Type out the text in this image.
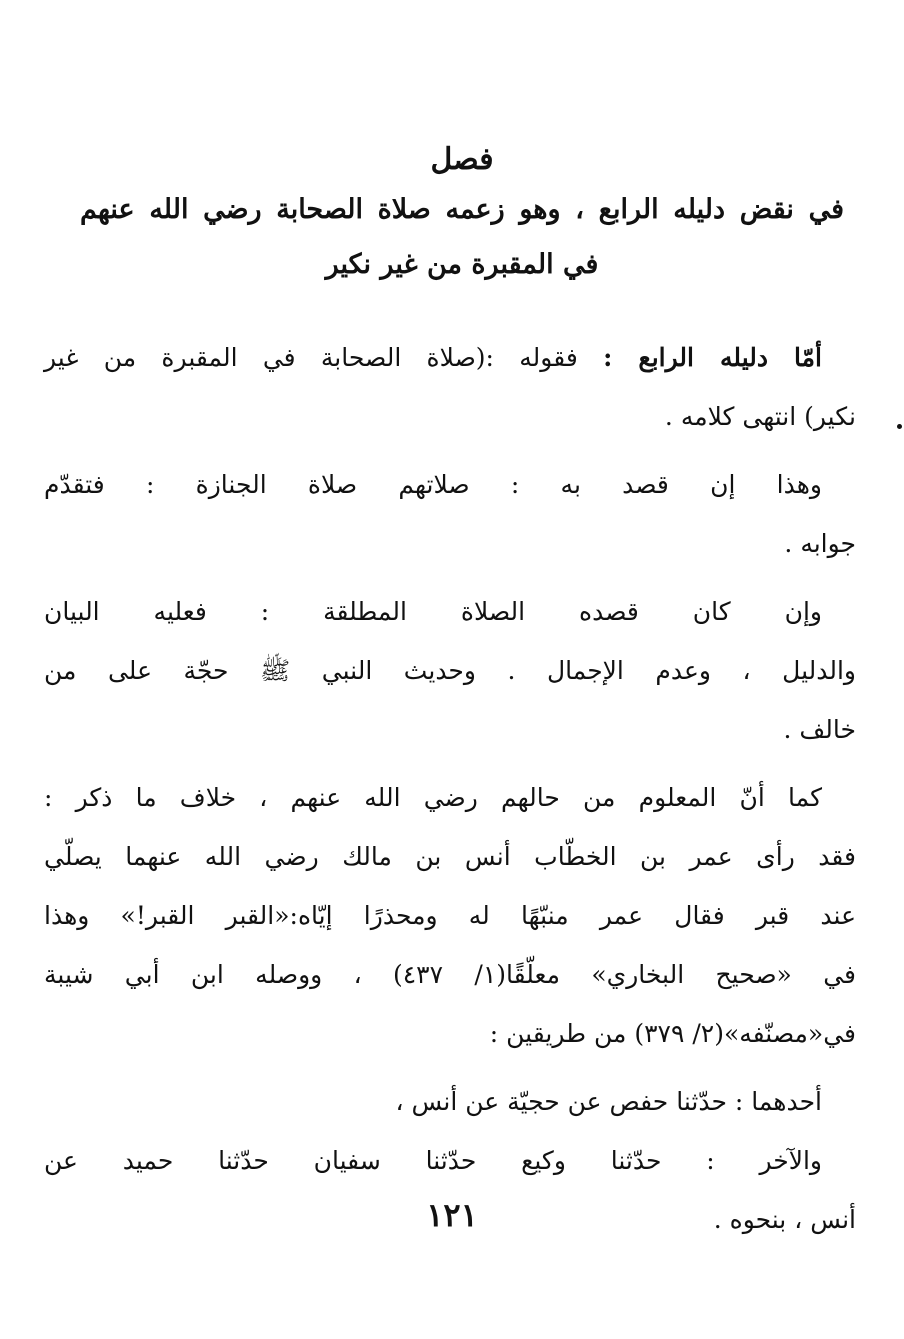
فصل

في نقض دليله الرابع ، وهو زعمه صلاة الصحابة رضي الله عنهم

في المقبرة من غير نكير

أمّا دليله الرابع : فقوله :(صلاة الصحابة في المقبرة من غير
نكير) انتهى كلامه .

وهذا إن قصد به : صلاتهم صلاة الجنازة : فتقدّم
جوابه .

وإن كان قصده الصلاة المطلقة : فعليه البيان
والدليل ، وعدم الإجمال . وحديث النبي ﷺ حجّة على من
خالف .

كما أنّ المعلوم من حالهم رضي الله عنهم ، خلاف ما ذكر :
فقد رأى عمر بن الخطّاب أنس بن مالك رضي الله عنهما يصلّي
عند قبر فقال عمر منبّهًا له ومحذرًا إيّاه:«القبر القبر!» وهذا
في «صحيح البخاري» معلّقًا(١/ ٤٣٧) ، ووصله ابن أبي شيبة
في«مصنّفه»(٢/ ٣٧٩) من طريقين :

أحدهما : حدّثنا حفص عن حجيّة عن أنس ،

والآخر : حدّثنا وكيع حدّثنا سفيان حدّثنا حميد عن
أنس ، بنحوه .

١٢١
